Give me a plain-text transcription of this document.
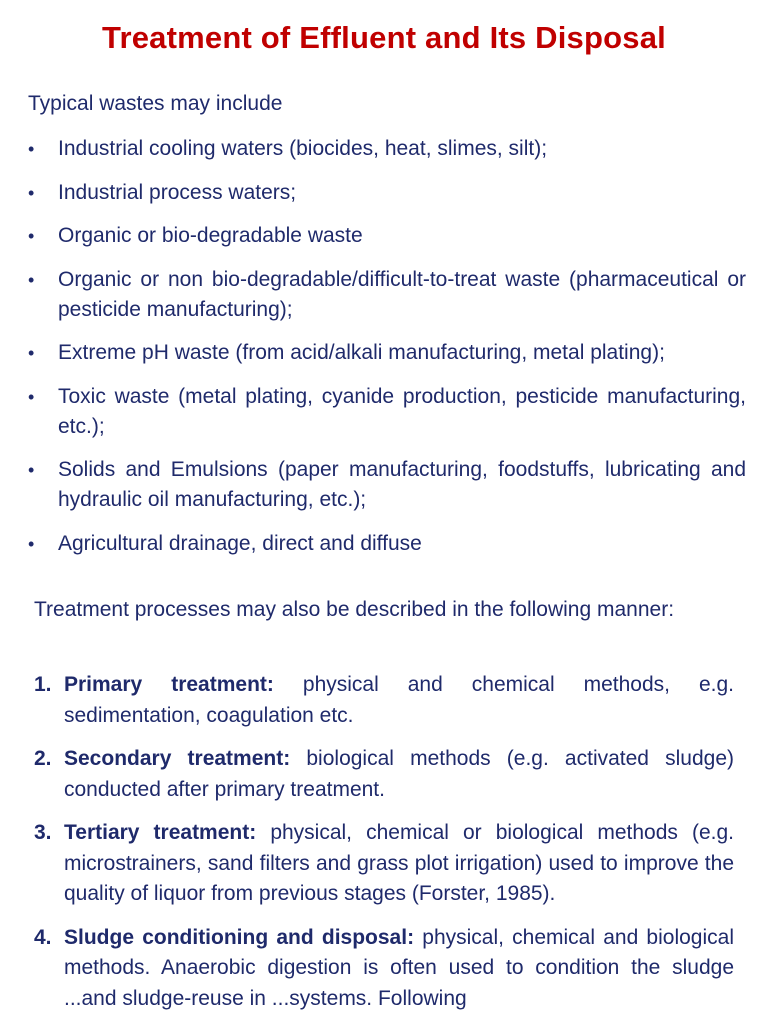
Treatment of Effluent and Its Disposal

Typical wastes may include

• Industrial cooling waters (biocides, heat, slimes, silt);
• Industrial process waters;
• Organic or bio-degradable waste
• Organic or non bio-degradable/difficult-to-treat waste (pharmaceutical or pesticide manufacturing);
• Extreme pH waste (from acid/alkali manufacturing, metal plating);
• Toxic waste (metal plating, cyanide production, pesticide manufacturing, etc.);
• Solids and Emulsions (paper manufacturing, foodstuffs, lubricating and hydraulic oil manufacturing, etc.);
• Agricultural drainage, direct and diffuse

Treatment processes may also be described in the following manner:

1. Primary treatment: physical and chemical methods, e.g. sedimentation, coagulation etc.
2. Secondary treatment: biological methods (e.g. activated sludge) conducted after primary treatment.
3. Tertiary treatment: physical, chemical or biological methods (e.g. microstrainers, sand filters and grass plot irrigation) used to improve the quality of liquor from previous stages (Forster, 1985).
4. Sludge conditioning and disposal: physical, chemical and biological methods. Anaerobic digestion is often used to condition the sludge ...and sludge-reuse in ...systems. Following
